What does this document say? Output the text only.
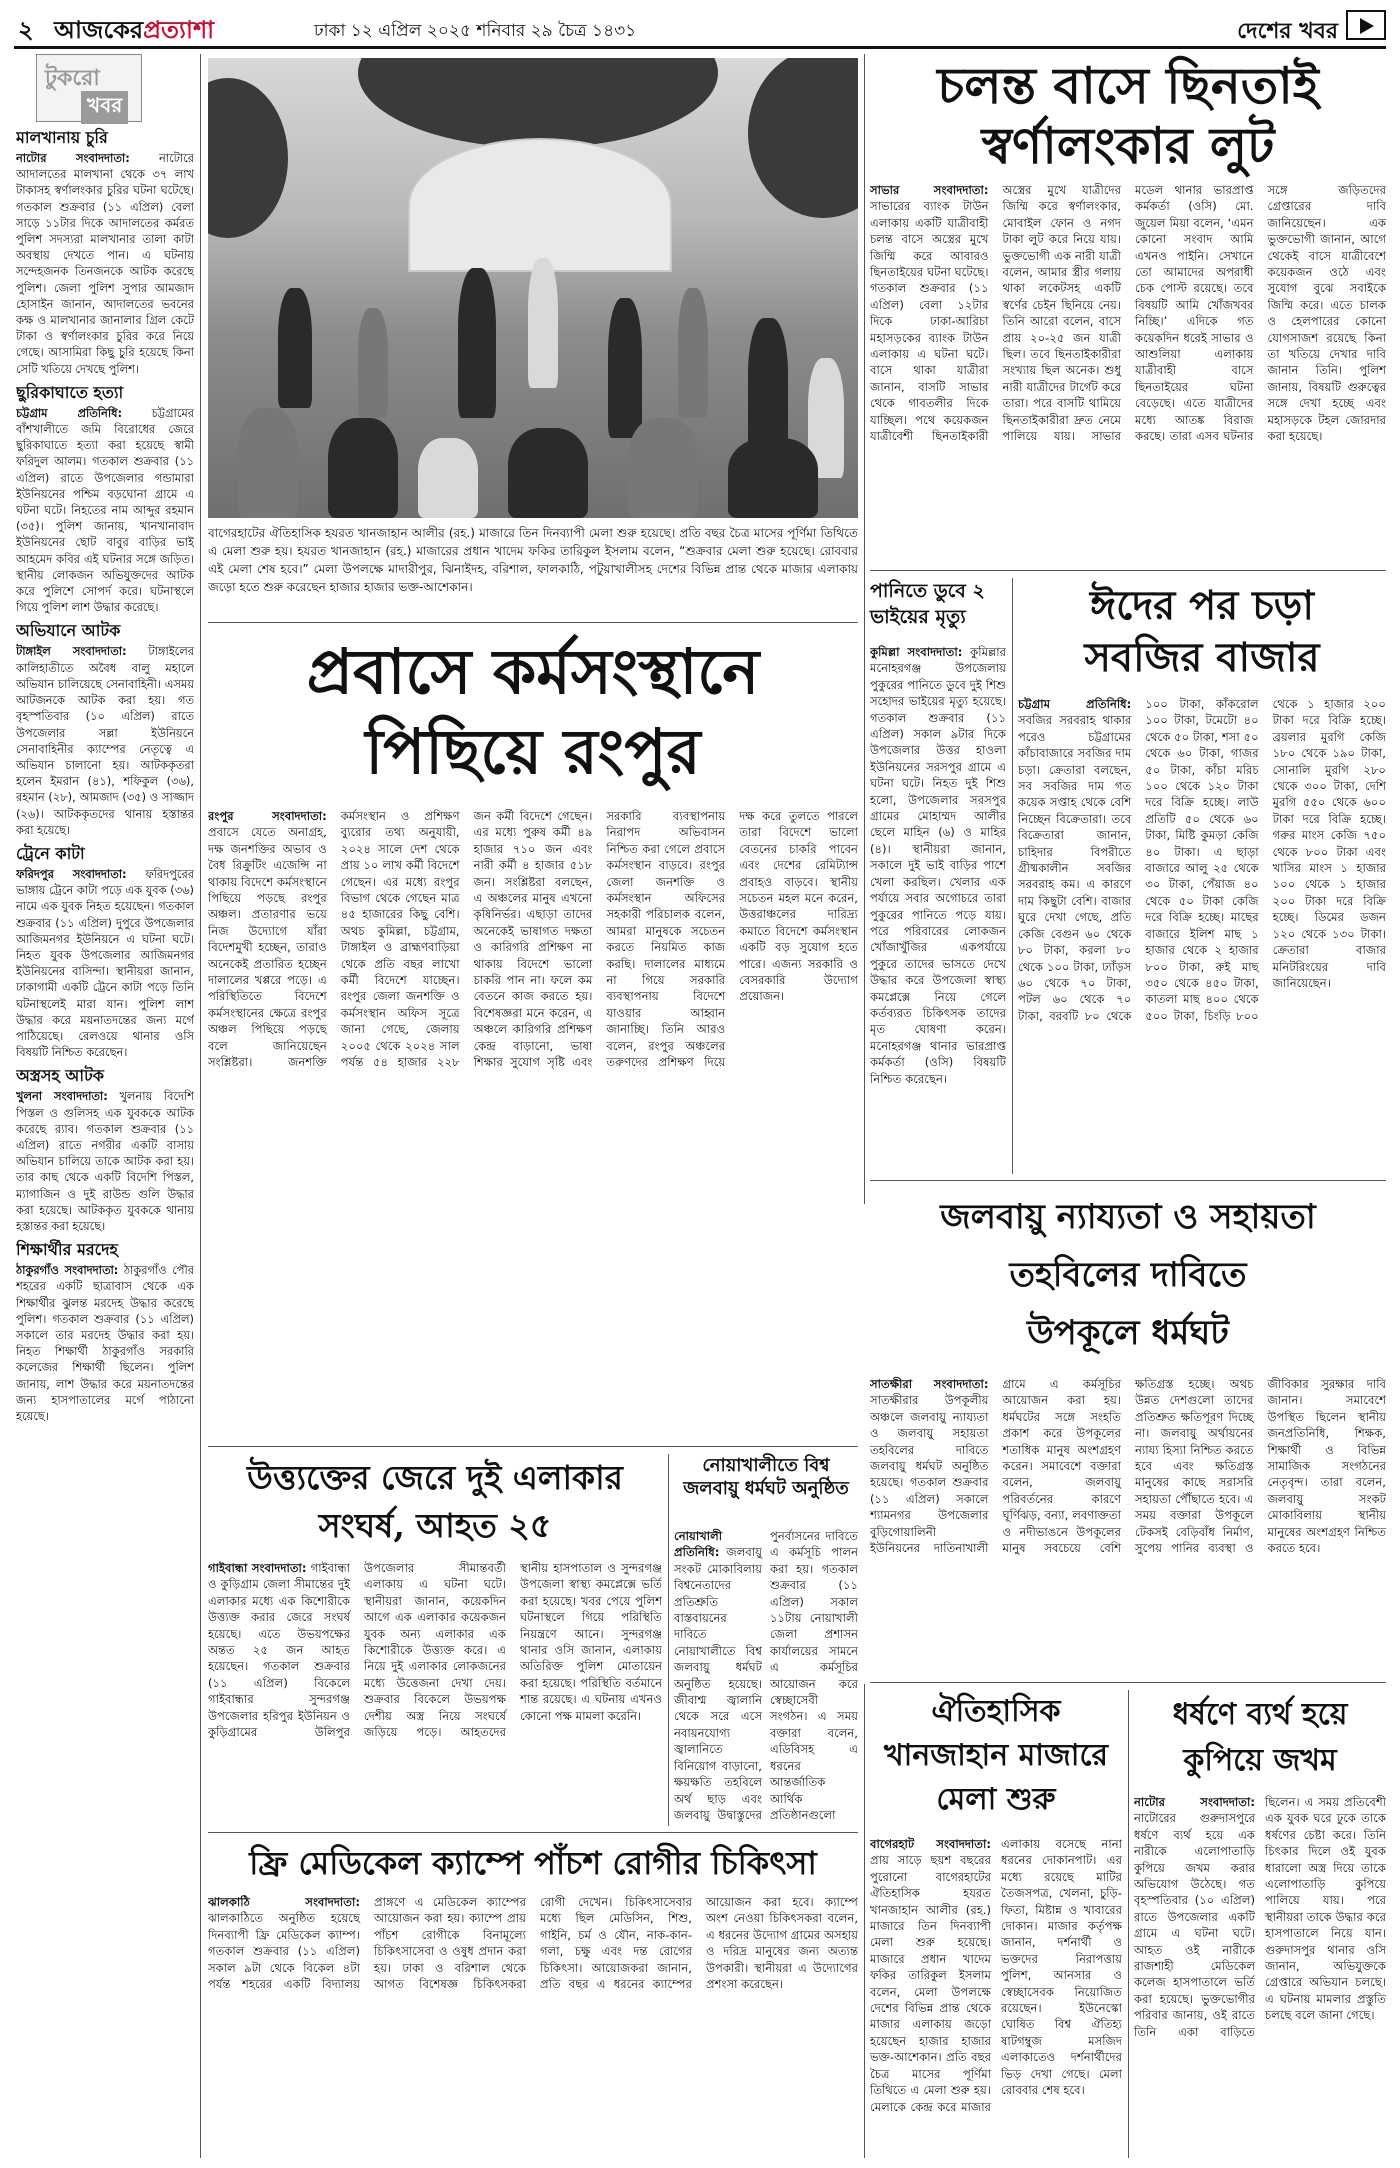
২ আজকেরপ্রত্যাশা	ঢাকা ১২ এপ্রিল ২০২৫ শনিবার ২৯ চৈত্র ১৪৩১	দেশের খবর
টুকরো
খবর
মালখানায় চুরি

নাটোর সংবাদদাতা:	নাটোরে আদালতের মালখানা থেকে ৩৭ লাখ টাকাসহ স্বর্ণালংকার চুরির ঘটনা ঘটেছে। গতকাল শুক্রবার (১১ এপ্রিল) বেলা সাড়ে ১১টার দিকে আদালতের কর্মরত পুলিশ সদস্যরা মালখানার তালা কাটা অবস্থায় দেখতে পান। এ ঘটনায় সন্দেহজনক তিনজনকে আটক করেছে পুলিশ। জেলা পুলিশ সুপার আমজাদ হোসাইন জানান, আদালতের ভবনের কক্ষ ও মালখানার জানালার গ্রিল কেটে টাকা ও স্বর্ণালংকার চুরির করে নিয়ে গেছে। আসামিরা কিছু চুরি হয়েছে কিনা সেটি খতিয়ে দেখছে পুলিশ।

ছুরিকাঘাতে হত্যা

চট্টগ্রাম প্রতিনিধি:	চট্টগ্রামের বাঁশখালীতে জমি বিরোধের জেরে ছুরিকাঘাতে হত্যা করা হয়েছে স্বামী ফরিদুল আলম। গতকাল শুক্রবার (১১ এপ্রিল) রাতে উপজেলার গন্ডামারা ইউনিয়নের পশ্চিম বড়ঘোনা গ্রামে এ ঘটনা ঘটে। নিহতের নাম আব্দুর রহমান (৩৫)। পুলিশ জানায়, খানখানাবাদ ইউনিয়নের ছোট বাবুর বাড়ির ভাই আহমেদ কবির এই ঘটনার সঙ্গে জড়িত। স্থানীয় লোকজন অভিযুক্তদের আটক করে পুলিশে সোপর্দ করে। ঘটনাস্থলে গিয়ে পুলিশ লাশ উদ্ধার করেছে।

অভিযানে আটক

টাঙ্গাইল সংবাদদাতা: টাঙ্গাইলের কালিহাতীতে অবৈধ বালু মহালে অভিযান চালিয়েছে সেনাবাহিনী। এসময় আটজনকে আটক করা হয়। গত বৃহস্পতিবার (১০ এপ্রিল) রাতে উপজেলার সল্লা ইউনিয়নে সেনাবাহিনীর ক্যাম্পের নেতৃত্বে এ অভিযান চালানো হয়। আটককৃতরা হলেন ইমরান (৪১), শফিকুল (৩৬), রহমান (২৮), আমজাদ (৩৫) ও সাজ্জাদ (২৬)। আটককৃতদের থানায় হস্তান্তর করা হয়েছে।

ট্রেনে কাটা

ফরিদপুর সংবাদদাতা: ফরিদপুরের ভাঙ্গায় ট্রেনে কাটা পড়ে এক যুবক (৩৬) নামে এক যুবক নিহত হয়েছেন। গতকাল শুক্রবার (১১ এপ্রিল) দুপুরে উপজেলার আজিমনগর ইউনিয়নে এ ঘটনা ঘটে। নিহত যুবক উপজেলার আজিমনগর ইউনিয়নের বাসিন্দা। স্থানীয়রা জানান, ঢাকাগামী একটি ট্রেনে কাটা পড়ে তিনি ঘটনাস্থলেই মারা যান। পুলিশ লাশ উদ্ধার করে ময়নাতদন্তের জন্য মর্গে পাঠিয়েছে। রেলওয়ে থানার ওসি বিষয়টি নিশ্চিত করেছেন।

অস্ত্রসহ আটক

খুলনা সংবাদদাতা: খুলনায় বিদেশি পিস্তল ও গুলিসহ এক যুবককে আটক করেছে র‍্যাব। গতকাল শুক্রবার (১১ এপ্রিল) রাতে নগরীর একটি বাসায় অভিযান চালিয়ে তাকে আটক করা হয়। তার কাছ থেকে একটি বিদেশি পিস্তল, ম্যাগাজিন ও দুই রাউন্ড গুলি উদ্ধার করা হয়েছে। আটককৃত যুবককে থানায় হস্তান্তর করা হয়েছে।

শিক্ষার্থীর মরদেহ

ঠাকুরগাঁও সংবাদদাতা: ঠাকুরগাঁও পৌর শহরের একটি ছাত্রাবাস থেকে এক শিক্ষার্থীর ঝুলন্ত মরদেহ উদ্ধার করেছে পুলিশ। গতকাল শুক্রবার (১১ এপ্রিল) সকালে তার মরদেহ উদ্ধার করা হয়। নিহত শিক্ষার্থী ঠাকুরগাঁও সরকারি কলেজের শিক্ষার্থী ছিলেন। পুলিশ জানায়, লাশ উদ্ধার করে ময়নাতদন্তের জন্য হাসপাতালের মর্গে পাঠানো হয়েছে।

বাগেরহাটের ঐতিহাসিক হযরত খানজাহান আলীর (রহ.) মাজারে তিন দিনব্যাপী মেলা শুরু হয়েছে। প্রতি বছর চৈত্র মাসের পূর্ণিমা তিথিতে এ মেলা শুরু হয়। হযরত খানজাহান (রহ.) মাজারের প্রধান খাদেম ফকির তারিকুল ইসলাম বলেন, “শুক্রবার মেলা শুরু হয়েছে। রোববার এই মেলা শেষ হবে।” মেলা উপলক্ষে মাদারীপুর, ঝিনাইদহ, বরিশাল, ফালকাঠি, পটুয়াখালীসহ দেশের বিভিন্ন প্রান্ত থেকে মাজার এলাকায় জড়ো হতে শুরু করেছেন হাজার হাজার ভক্ত-আশেকান।
চলন্ত বাসে ছিনতাই
স্বর্ণালংকার লুট
সাভার সংবাদদাতা: সাভারের ব্যাংক টাউন এলাকায় একটি যাত্রীবাহী চলন্ত বাসে অস্ত্রের মুখে জিম্মি করে আবারও ছিনতাইয়ের ঘটনা ঘটেছে। গতকাল শুক্রবার (১১ এপ্রিল) বেলা ১২টার দিকে ঢাকা-আরিচা মহাসড়কের ব্যাংক টাউন এলাকায় এ ঘটনা ঘটে। বাসে থাকা যাত্রীরা জানান, বাসটি সাভার থেকে গাবতলীর দিকে যাচ্ছিল। পথে কয়েকজন যাত্রীবেশী ছিনতাইকারী অস্ত্রের মুখে যাত্রীদের জিম্মি করে স্বর্ণালংকার, মোবাইল ফোন ও নগদ টাকা লুট করে নিয়ে যায়। ভুক্তভোগী এক নারী যাত্রী বলেন, আমার স্ত্রীর গলায় থাকা লকেটসহ একটি স্বর্ণের চেইন ছিনিয়ে নেয়। তিনি আরো বলেন, বাসে প্রায় ২০-২৫ জন যাত্রী ছিল। তবে ছিনতাইকারীরা সংখ্যায় ছিল অনেক। শুধু নারী যাত্রীদের টার্গেট করে তারা। পরে বাসটি থামিয়ে ছিনতাইকারীরা দ্রুত নেমে পালিয়ে যায়। সাভার মডেল থানার ভারপ্রাপ্ত কর্মকর্তা (ওসি) মো. জুয়েল মিয়া বলেন, ‘এমন কোনো সংবাদ আমি এখনও পাইনি। সেখানে তো আমাদের অপরাধী চেক পোস্ট রয়েছে। তবে বিষয়টি আমি খোঁজখবর নিচ্ছি।’ এদিকে গত কয়েকদিন ধরেই সাভার ও আশুলিয়া এলাকায় যাত্রীবাহী বাসে ছিনতাইয়ের ঘটনা বেড়েছে। এতে যাত্রীদের মধ্যে আতঙ্ক বিরাজ করছে। তারা এসব ঘটনার সঙ্গে জড়িতদের গ্রেপ্তারের দাবি জানিয়েছেন। এক ভুক্তভোগী জানান, আগে থেকেই বাসে যাত্রীবেশে কয়েকজন ওঠে এবং সুযোগ বুঝে সবাইকে জিম্মি করে। এতে চালক ও হেলপারের কোনো যোগসাজশ রয়েছে কিনা তা খতিয়ে দেখার দাবি জানান তিনি। পুলিশ জানায়, বিষয়টি গুরুত্বের সঙ্গে দেখা হচ্ছে এবং মহাসড়কে টহল জোরদার করা হয়েছে।
পানিতে ডুবে ২ ভাইয়ের মৃত্যু
কুমিল্লা সংবাদদাতা: কুমিল্লার মনোহরগঞ্জ উপজেলায় পুকুরের পানিতে ডুবে দুই শিশু সহোদর ভাইয়ের মৃত্যু হয়েছে। গতকাল শুক্রবার (১১ এপ্রিল) সকাল ৯টার দিকে উপজেলার উত্তর হাওলা ইউনিয়নের সরসপুর গ্রামে এ ঘটনা ঘটে। নিহত দুই শিশু হলো, উপজেলার সরসপুর গ্রামের মোহাম্মদ আলীর ছেলে মাহিন (৬) ও মাহির (৪)। স্থানীয়রা জানান, সকালে দুই ভাই বাড়ির পাশে খেলা করছিল। খেলার এক পর্যায়ে সবার অগোচরে তারা পুকুরের পানিতে পড়ে যায়। পরে পরিবারের লোকজন খোঁজাখুঁজির একপর্যায়ে পুকুরে তাদের ভাসতে দেখে উদ্ধার করে উপজেলা স্বাস্থ্য কমপ্লেক্সে নিয়ে গেলে কর্তব্যরত চিকিৎসক তাদের মৃত ঘোষণা করেন। মনোহরগঞ্জ থানার ভারপ্রাপ্ত কর্মকর্তা (ওসি) বিষয়টি নিশ্চিত করেছেন।
ঈদের পর চড়া
সবজির বাজার
চট্টগ্রাম প্রতিনিধি: সবজির সরবরাহ থাকার পরেও চট্টগ্রামের কাঁচাবাজারে সবজির দাম চড়া। ক্রেতারা বলছেন, সব সবজির দাম গত কয়েক সপ্তাহ থেকে বেশি নিচ্ছেন বিক্রেতারা। তবে বিক্রেতারা জানান, চাহিদার বিপরীতে গ্রীষ্মকালীন সবজির সরবরাহ কম। এ কারণে দাম কিছুটা বেশি। বাজার ঘুরে দেখা গেছে, প্রতি কেজি বেগুন ৬০ থেকে ৮০ টাকা, করলা ৮০ থেকে ১০০ টাকা, ঢ্যাঁড়স ৬০ থেকে ৭০ টাকা, পটল ৬০ থেকে ৭০ টাকা, বরবটি ৮০ থেকে ১০০ টাকা, কাঁকরোল ১০০ টাকা, টমেটো ৪০ থেকে ৫০ টাকা, শসা ৫০ থেকে ৬০ টাকা, গাজর ৫০ টাকা, কাঁচা মরিচ ১০০ থেকে ১২০ টাকা দরে বিক্রি হচ্ছে। লাউ প্রতিটি ৫০ থেকে ৬০ টাকা, মিষ্টি কুমড়া কেজি ৪০ টাকা। এ ছাড়া বাজারে আলু ২৫ থেকে ৩০ টাকা, পেঁয়াজ ৪০ থেকে ৫০ টাকা কেজি দরে বিক্রি হচ্ছে। মাছের বাজারে ইলিশ মাছ ১ হাজার থেকে ২ হাজার ৮০০ টাকা, রুই মাছ ৩৫০ থেকে ৪৫০ টাকা, কাতলা মাছ ৪০০ থেকে ৫০০ টাকা, চিংড়ি ৮০০ থেকে ১ হাজার ২০০ টাকা দরে বিক্রি হচ্ছে। ব্রয়লার মুরগি কেজি ১৮০ থেকে ১৯০ টাকা, সোনালি মুরগি ২৮০ থেকে ৩০০ টাকা, দেশি মুরগি ৫৫০ থেকে ৬০০ টাকা দরে বিক্রি হচ্ছে। গরুর মাংস কেজি ৭৫০ থেকে ৮০০ টাকা এবং খাসির মাংস ১ হাজার ১০০ থেকে ১ হাজার ২০০ টাকা দরে বিক্রি হচ্ছে। ডিমের ডজন ১২০ থেকে ১৩০ টাকা। ক্রেতারা বাজার মনিটরিংয়ের দাবি জানিয়েছেন।
জলবায়ু ন্যায্যতা ও সহায়তা
তহবিলের দাবিতে
উপকূলে ধর্মঘট
সাতক্ষীরা সংবাদদাতা: সাতক্ষীরার উপকূলীয় অঞ্চলে জলবায়ু ন্যায্যতা ও জলবায়ু সহায়তা তহবিলের দাবিতে জলবায়ু ধর্মঘট অনুষ্ঠিত হয়েছে। গতকাল শুক্রবার (১১ এপ্রিল) সকালে শ্যামনগর উপজেলার বুড়িগোয়ালিনী ইউনিয়নের দাতিনাখালী গ্রামে এ কর্মসূচির আয়োজন করা হয়। ধর্মঘটের সঙ্গে সংহতি প্রকাশ করে উপকূলের শতাধিক মানুষ অংশগ্রহণ করেন। সমাবেশে বক্তারা বলেন, জলবায়ু পরিবর্তনের কারণে ঘূর্ণিঝড়, বন্যা, লবণাক্ততা ও নদীভাঙনে উপকূলের মানুষ সবচেয়ে বেশি ক্ষতিগ্রস্ত হচ্ছে। অথচ উন্নত দেশগুলো তাদের প্রতিশ্রুত ক্ষতিপূরণ দিচ্ছে না। জলবায়ু অর্থায়নের ন্যায্য হিস্যা নিশ্চিত করতে হবে এবং ক্ষতিগ্রস্ত মানুষের কাছে সরাসরি সহায়তা পৌঁছাতে হবে। এ সময় বক্তারা উপকূলে টেকসই বেড়িবাঁধ নির্মাণ, সুপেয় পানির ব্যবস্থা ও জীবিকার সুরক্ষার দাবি জানান। সমাবেশে উপস্থিত ছিলেন স্থানীয় জনপ্রতিনিধি, শিক্ষক, শিক্ষার্থী ও বিভিন্ন সামাজিক সংগঠনের নেতৃবৃন্দ। তারা বলেন, জলবায়ু সংকট মোকাবিলায় স্থানীয় মানুষের অংশগ্রহণ নিশ্চিত করতে হবে।
প্রবাসে কর্মসংস্থানে
পিছিয়ে রংপুর
রংপুর সংবাদদাতা: প্রবাসে যেতে অনাগ্রহ, দক্ষ জনশক্তির অভাব ও বৈধ রিক্রুটিং এজেন্সি না থাকায় বিদেশে কর্মসংস্থানে পিছিয়ে পড়ছে রংপুর অঞ্চল। প্রতারণার ভয়ে নিজ উদ্যোগে যাঁরা বিদেশমুখী হচ্ছেন, তারাও অনেকেই প্রতারিত হচ্ছেন দালালের খপ্পরে পড়ে। এ পরিস্থিতিতে বিদেশে কর্মসংস্থানের ক্ষেত্রে রংপুর অঞ্চল পিছিয়ে পড়ছে বলে জানিয়েছেন সংশ্লিষ্টরা। জনশক্তি কর্মসংস্থান ও প্রশিক্ষণ ব্যুরোর তথ্য অনুযায়ী, ২০২৪ সালে দেশ থেকে প্রায় ১০ লাখ কর্মী বিদেশে গেছেন। এর মধ্যে রংপুর বিভাগ থেকে গেছেন মাত্র ৪৫ হাজারের কিছু বেশি। অথচ কুমিল্লা, চট্টগ্রাম, টাঙ্গাইল ও ব্রাহ্মণবাড়িয়া থেকে প্রতি বছর লাখো কর্মী বিদেশে যাচ্ছেন। রংপুর জেলা জনশক্তি ও কর্মসংস্থান অফিস সূত্রে জানা গেছে, জেলায় ২০০৫ থেকে ২০২৪ সাল পর্যন্ত ৫৪ হাজার ২২৮ জন কর্মী বিদেশে গেছেন। এর মধ্যে পুরুষ কর্মী ৪৯ হাজার ৭১০ জন এবং নারী কর্মী ৪ হাজার ৫১৮ জন। সংশ্লিষ্টরা বলছেন, এ অঞ্চলের মানুষ এখনো কৃষিনির্ভর। এছাড়া তাদের অনেকেই ভাষাগত দক্ষতা ও কারিগরি প্রশিক্ষণ না থাকায় বিদেশে ভালো চাকরি পান না। ফলে কম বেতনে কাজ করতে হয়। বিশেষজ্ঞরা মনে করেন, এ অঞ্চলে কারিগরি প্রশিক্ষণ কেন্দ্র বাড়ানো, ভাষা শিক্ষার সুযোগ সৃষ্টি এবং সরকারি ব্যবস্থাপনায় নিরাপদ অভিবাসন নিশ্চিত করা গেলে প্রবাসে কর্মসংস্থান বাড়বে। রংপুর জেলা জনশক্তি ও কর্মসংস্থান অফিসের সহকারী পরিচালক বলেন, আমরা মানুষকে সচেতন করতে নিয়মিত কাজ করছি। দালালের মাধ্যমে না গিয়ে সরকারি ব্যবস্থাপনায় বিদেশে যাওয়ার আহ্বান জানাচ্ছি। তিনি আরও বলেন, রংপুর অঞ্চলের তরুণদের প্রশিক্ষণ দিয়ে দক্ষ করে তুলতে পারলে তারা বিদেশে ভালো বেতনের চাকরি পাবেন এবং দেশের রেমিট্যান্স প্রবাহও বাড়বে। স্থানীয় সচেতন মহল মনে করেন, উত্তরাঞ্চলের দারিদ্র্য কমাতে বিদেশে কর্মসংস্থান একটি বড় সুযোগ হতে পারে। এজন্য সরকারি ও বেসরকারি উদ্যোগ প্রয়োজন।
উত্ত্যক্তের জেরে দুই এলাকার
সংঘর্ষ, আহত ২৫
গাইবান্ধা সংবাদদাতা: গাইবান্ধা ও কুড়িগ্রাম জেলা সীমান্তের দুই এলাকার মধ্যে এক কিশোরীকে উত্ত্যক্ত করার জেরে সংঘর্ষ হয়েছে। এতে উভয়পক্ষের অন্তত ২৫ জন আহত হয়েছেন। গতকাল শুক্রবার (১১ এপ্রিল) বিকেলে গাইবান্ধার সুন্দরগঞ্জ উপজেলার হরিপুর ইউনিয়ন ও কুড়িগ্রামের উলিপুর উপজেলার সীমান্তবর্তী এলাকায় এ ঘটনা ঘটে। স্থানীয়রা জানান, কয়েকদিন আগে এক এলাকার কয়েকজন যুবক অন্য এলাকার এক কিশোরীকে উত্ত্যক্ত করে। এ নিয়ে দুই এলাকার লোকজনের মধ্যে উত্তেজনা দেখা দেয়। শুক্রবার বিকেলে উভয়পক্ষ দেশীয় অস্ত্র নিয়ে সংঘর্ষে জড়িয়ে পড়ে। আহতদের স্থানীয় হাসপাতাল ও সুন্দরগঞ্জ উপজেলা স্বাস্থ্য কমপ্লেক্সে ভর্তি করা হয়েছে। খবর পেয়ে পুলিশ ঘটনাস্থলে গিয়ে পরিস্থিতি নিয়ন্ত্রণে আনে। সুন্দরগঞ্জ থানার ওসি জানান, এলাকায় অতিরিক্ত পুলিশ মোতায়েন করা হয়েছে। পরিস্থিতি বর্তমানে শান্ত রয়েছে। এ ঘটনায় এখনও কোনো পক্ষ মামলা করেনি।
নোয়াখালীতে বিশ্ব জলবায়ু ধর্মঘট অনুষ্ঠিত
নোয়াখালী প্রতিনিধি: জলবায়ু সংকট মোকাবিলায় বিশ্বনেতাদের প্রতিশ্রুতি বাস্তবায়নের দাবিতে নোয়াখালীতে বিশ্ব জলবায়ু ধর্মঘট অনুষ্ঠিত হয়েছে। জীবাশ্ম জ্বালানি থেকে সরে এসে নবায়নযোগ্য জ্বালানিতে বিনিয়োগ বাড়ানো, ক্ষয়ক্ষতি তহবিলে অর্থ ছাড় এবং জলবায়ু উদ্বাস্তুদের পুনর্বাসনের দাবিতে এ কর্মসূচি পালন করা হয়। গতকাল শুক্রবার (১১ এপ্রিল) সকাল ১১টায় নোয়াখালী জেলা প্রশাসন কার্যালয়ের সামনে এ কর্মসূচির আয়োজন করে স্বেচ্ছাসেবী সংগঠন। এ সময় বক্তারা বলেন, এডিবিসহ এ ধরনের আন্তর্জাতিক আর্থিক প্রতিষ্ঠানগুলো
ফ্রি মেডিকেল ক্যাম্পে পাঁচশ রোগীর চিকিৎসা
ঝালকাঠি সংবাদদাতা: ঝালকাঠিতে অনুষ্ঠিত হয়েছে দিনব্যাপী ফ্রি মেডিকেল ক্যাম্প। গতকাল শুক্রবার (১১ এপ্রিল) সকাল ৯টা থেকে বিকেল ৪টা পর্যন্ত শহরের একটি বিদ্যালয় প্রাঙ্গণে এ মেডিকেল ক্যাম্পের আয়োজন করা হয়। ক্যাম্পে প্রায় পাঁচশ রোগীকে বিনামূল্যে চিকিৎসাসেবা ও ওষুধ প্রদান করা হয়। ঢাকা ও বরিশাল থেকে আগত বিশেষজ্ঞ চিকিৎসকরা রোগী দেখেন। চিকিৎসাসেবার মধ্যে ছিল মেডিসিন, শিশু, গাইনি, চর্ম ও যৌন, নাক-কান-গলা, চক্ষু এবং দন্ত রোগের চিকিৎসা। আয়োজকরা জানান, প্রতি বছর এ ধরনের ক্যাম্পের আয়োজন করা হবে। ক্যাম্পে অংশ নেওয়া চিকিৎসকরা বলেন, এ ধরনের উদ্যোগ গ্রামের অসহায় ও দরিদ্র মানুষের জন্য অত্যন্ত উপকারী। স্থানীয়রা এ উদ্যোগের প্রশংসা করেছেন।
ঐতিহাসিক
খানজাহান মাজারে
মেলা শুরু
বাগেরহাট সংবাদদাতা: প্রায় সাড়ে ছয়শ বছরের পুরোনো বাগেরহাটের ঐতিহাসিক হযরত খানজাহান আলীর (রহ.) মাজারে তিন দিনব্যাপী মেলা শুরু হয়েছে। মাজারে প্রধান খাদেম ফকির তারিকুল ইসলাম বলেন, মেলা উপলক্ষে দেশের বিভিন্ন প্রান্ত থেকে মাজার এলাকায় জড়ো হয়েছেন হাজার হাজার ভক্ত-আশেকান। প্রতি বছর চৈত্র মাসের পূর্ণিমা তিথিতে এ মেলা শুরু হয়। মেলাকে কেন্দ্র করে মাজার এলাকায় বসেছে নানা ধরনের দোকানপাট। এর মধ্যে রয়েছে মাটির তৈজসপত্র, খেলনা, চুড়ি-ফিতা, মিষ্টান্ন ও খাবারের দোকান। মাজার কর্তৃপক্ষ জানান, দর্শনার্থী ও ভক্তদের নিরাপত্তায় পুলিশ, আনসার ও স্বেচ্ছাসেবক নিয়োজিত রয়েছেন। ইউনেস্কো ঘোষিত বিশ্ব ঐতিহ্য ষাটগম্বুজ মসজিদ এলাকাতেও দর্শনার্থীদের ভিড় দেখা গেছে। মেলা রোববার শেষ হবে।
ধর্ষণে ব্যর্থ হয়ে
কুপিয়ে জখম
নাটোর সংবাদদাতা: নাটোরের গুরুদাসপুরে ধর্ষণে ব্যর্থ হয়ে এক নারীকে এলোপাতাড়ি কুপিয়ে জখম করার অভিযোগ উঠেছে। গত বৃহস্পতিবার (১০ এপ্রিল) রাতে উপজেলার একটি গ্রামে এ ঘটনা ঘটে। আহত ওই নারীকে রাজশাহী মেডিকেল কলেজ হাসপাতালে ভর্তি করা হয়েছে। ভুক্তভোগীর পরিবার জানায়, ওই রাতে তিনি একা বাড়িতে ছিলেন। এ সময় প্রতিবেশী এক যুবক ঘরে ঢুকে তাকে ধর্ষণের চেষ্টা করে। তিনি চিৎকার দিলে ওই যুবক ধারালো অস্ত্র দিয়ে তাকে এলোপাতাড়ি কুপিয়ে পালিয়ে যায়। পরে স্থানীয়রা তাকে উদ্ধার করে হাসপাতালে নিয়ে যান। গুরুদাসপুর থানার ওসি জানান, অভিযুক্তকে গ্রেপ্তারে অভিযান চলছে। এ ঘটনায় মামলার প্রস্তুতি চলছে বলে জানা গেছে।
